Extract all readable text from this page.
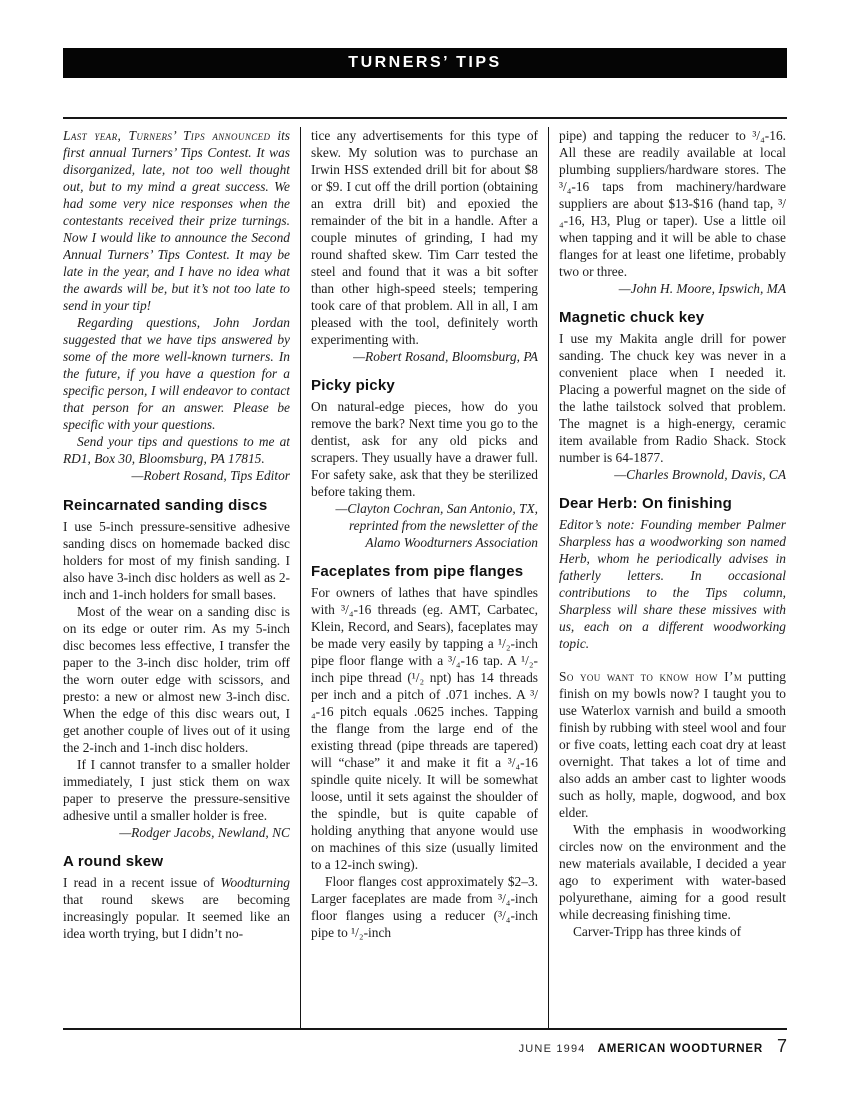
TURNERS’ TIPS

Last year, Turners’ Tips announced its first annual Turners’ Tips Contest. It was disorganized, late, not too well thought out, but to my mind a great success. We had some very nice responses when the contestants received their prize turnings. Now I would like to announce the Second Annual Turners’ Tips Contest. It may be late in the year, and I have no idea what the awards will be, but it’s not too late to send in your tip!

Regarding questions, John Jordan suggested that we have tips answered by some of the more well-known turners. In the future, if you have a question for a specific person, I will endeavor to contact that person for an answer. Please be specific with your questions.

Send your tips and questions to me at RD1, Box 30, Bloomsburg, PA 17815.

—Robert Rosand, Tips Editor

Reincarnated sanding discs

I use 5-inch pressure-sensitive adhesive sanding discs on homemade backed disc holders for most of my finish sanding. I also have 3-inch disc holders as well as 2-inch and 1-inch holders for small bases.

Most of the wear on a sanding disc is on its edge or outer rim. As my 5-inch disc becomes less effective, I transfer the paper to the 3-inch disc holder, trim off the worn outer edge with scissors, and presto: a new or almost new 3-inch disc. When the edge of this disc wears out, I get another couple of lives out of it using the 2-inch and 1-inch disc holders.

If I cannot transfer to a smaller holder immediately, I just stick them on wax paper to preserve the pressure-sensitive adhesive until a smaller holder is free.

—Rodger Jacobs, Newland, NC

A round skew

I read in a recent issue of Woodturning that round skews are becoming increasingly popular. It seemed like an idea worth trying, but I didn’t no-

tice any advertisements for this type of skew. My solution was to purchase an Irwin HSS extended drill bit for about $8 or $9. I cut off the drill portion (obtaining an extra drill bit) and epoxied the remainder of the bit in a handle. After a couple minutes of grinding, I had my round shafted skew. Tim Carr tested the steel and found that it was a bit softer than other high-speed steels; tempering took care of that problem. All in all, I am pleased with the tool, definitely worth experimenting with.

—Robert Rosand, Bloomsburg, PA

Picky picky

On natural-edge pieces, how do you remove the bark? Next time you go to the dentist, ask for any old picks and scrapers. They usually have a drawer full. For safety sake, ask that they be sterilized before taking them.

—Clayton Cochran, San Antonio, TX, reprinted from the newsletter of the Alamo Woodturners Association

Faceplates from pipe flanges

For owners of lathes that have spindles with ³/₄-16 threads (eg. AMT, Carbatec, Klein, Record, and Sears), faceplates may be made very easily by tapping a ¹/₂-inch pipe floor flange with a ³/₄-16 tap. A ¹/₂-inch pipe thread (¹/₂ npt) has 14 threads per inch and a pitch of .071 inches. A ³/₄-16 pitch equals .0625 inches. Tapping the flange from the large end of the existing thread (pipe threads are tapered) will “chase” it and make it fit a ³/₄-16 spindle quite nicely. It will be somewhat loose, until it sets against the shoulder of the spindle, but is quite capable of holding anything that anyone would use on machines of this size (usually limited to a 12-inch swing).

Floor flanges cost approximately $2–3. Larger faceplates are made from ³/₄-inch floor flanges using a reducer (³/₄-inch pipe to ¹/₂-inch

pipe) and tapping the reducer to ³/₄-16. All these are readily available at local plumbing suppliers/hardware stores. The ³/₄-16 taps from machinery/hardware suppliers are about $13-$16 (hand tap, ³/₄-16, H3, Plug or taper). Use a little oil when tapping and it will be able to chase flanges for at least one lifetime, probably two or three.

—John H. Moore, Ipswich, MA

Magnetic chuck key

I use my Makita angle drill for power sanding. The chuck key was never in a convenient place when I needed it. Placing a powerful magnet on the side of the lathe tailstock solved that problem. The magnet is a high-energy, ceramic item available from Radio Shack. Stock number is 64-1877.

—Charles Brownold, Davis, CA

Dear Herb: On finishing

Editor’s note: Founding member Palmer Sharpless has a woodworking son named Herb, whom he periodically advises in fatherly letters. In occasional contributions to the Tips column, Sharpless will share these missives with us, each on a different woodworking topic.

So you want to know how I’m putting finish on my bowls now? I taught you to use Waterlox varnish and build a smooth finish by rubbing with steel wool and four or five coats, letting each coat dry at least overnight. That takes a lot of time and also adds an amber cast to lighter woods such as holly, maple, dogwood, and box elder.

With the emphasis in woodworking circles now on the environment and the new materials available, I decided a year ago to experiment with water-based polyurethane, aiming for a good result while decreasing finishing time.

Carver-Tripp has three kinds of

JUNE 1994 AMERICAN WOODTURNER 7
